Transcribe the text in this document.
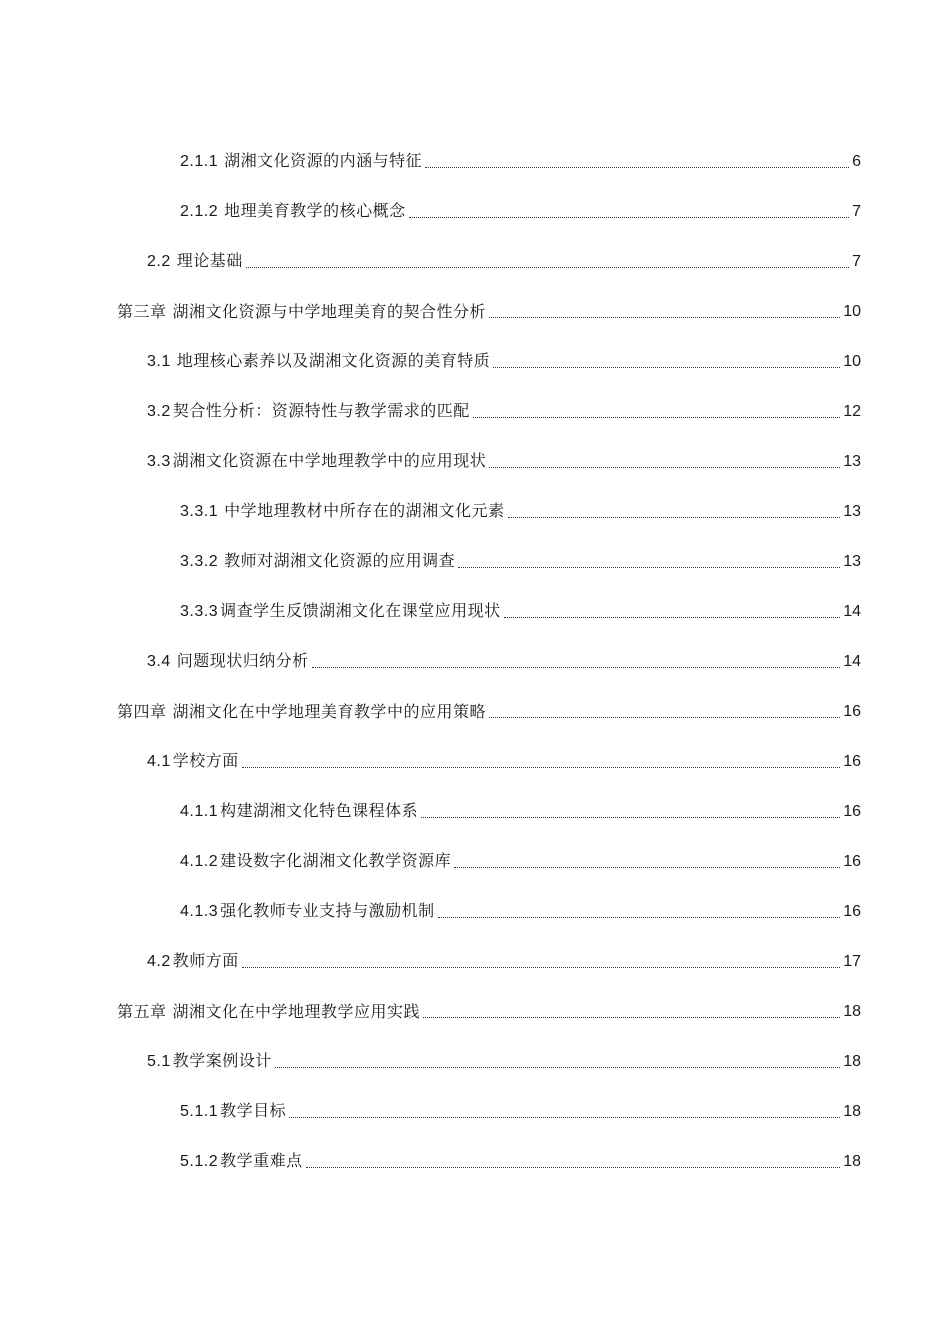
2.1.1 湖湘文化资源的内涵与特征	6
2.1.2 地理美育教学的核心概念	7
2.2 理论基础	7
第三章 湖湘文化资源与中学地理美育的契合性分析	10
3.1 地理核心素养以及湖湘文化资源的美育特质	10
3.2 契合性分析：资源特性与教学需求的匹配	12
3.3 湖湘文化资源在中学地理教学中的应用现状	13
3.3.1 中学地理教材中所存在的湖湘文化元素	13
3.3.2 教师对湖湘文化资源的应用调查	13
3.3.3 调查学生反馈湖湘文化在课堂应用现状	14
3.4 问题现状归纳分析	14
第四章 湖湘文化在中学地理美育教学中的应用策略	16
4.1 学校方面	16
4.1.1 构建湖湘文化特色课程体系	16
4.1.2 建设数字化湖湘文化教学资源库	16
4.1.3 强化教师专业支持与激励机制	16
4.2 教师方面	17
第五章 湖湘文化在中学地理教学应用实践	18
5.1 教学案例设计	18
5.1.1 教学目标	18
5.1.2 教学重难点	18
